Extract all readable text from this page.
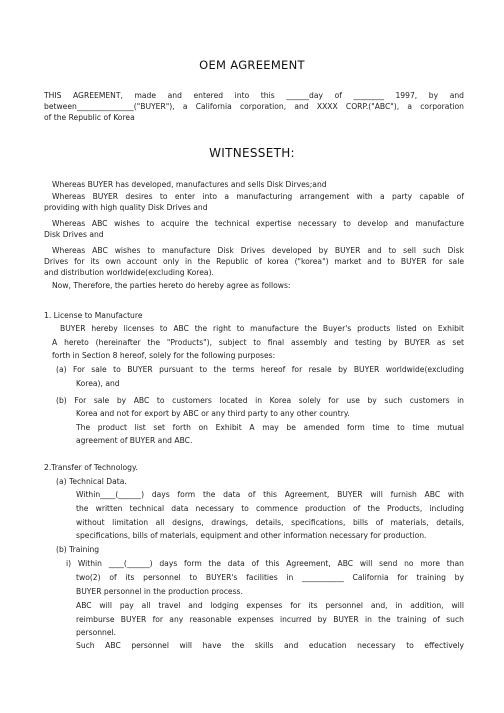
OEM AGREEMENT
THIS AGREEMENT, made and entered into this ______day of ________ 1997, by and
between_______________("BUYER"), a California corporation, and XXXX CORP.("ABC"), a corporation
of the Republic of Korea
WITNESSETH:
Whereas BUYER has developed, manufactures and sells Disk Dirves;and
Whereas BUYER desires to enter into a manufacturing arrangement with a party capable of
providing with high quality Disk Drives and
Whereas ABC wishes to acquire the technical expertise necessary to develop and manufacture
Disk Drives and
Whereas ABC wishes to manufacture Disk Drives developed by BUYER and to sell such Disk
Drives for its own account only in the Republic of korea ("korea") market and to BUYER for sale
and distribution worldwide(excluding Korea).
Now, Therefore, the parties hereto do hereby agree as follows:
1. License to Manufacture
BUYER hereby licenses to ABC the right to manufacture the Buyer's products listed on Exhibit
A hereto (hereinafter the "Products"), subject to final assembly and testing by BUYER as set
forth in Section 8 hereof, solely for the following purposes:
(a) For sale to BUYER pursuant to the terms hereof for resale by BUYER worldwide(excluding
Korea), and
(b) For sale by ABC to customers located in Korea solely for use by such customers in
Korea and not for export by ABC or any third party to any other country.
The product list set forth on Exhibit A may be amended form time to time mutual
agreement of BUYER and ABC.
2.Transfer of Technology.
(a) Technical Data.
Within____(______) days form the data of this Agreement, BUYER will furnish ABC with
the written technical data necessary to commence production of the Products, including
without limitation all designs, drawings, details, specifications, bills of materials, details,
specifications, bills of materials, equipment and other information necessary for production.
(b) Training
i) Within ____(______) days form the data of this Agreement, ABC will send no more than
two(2) of its personnel to BUYER's facilities in ___________ California for training by
BUYER personnel in the production process.
ABC will pay all travel and lodging expenses for its personnel and, in addition, will
reimburse BUYER for any reasonable expenses incurred by BUYER in the training of such
personnel.
Such ABC personnel will have the skills and education necessary to effectively
